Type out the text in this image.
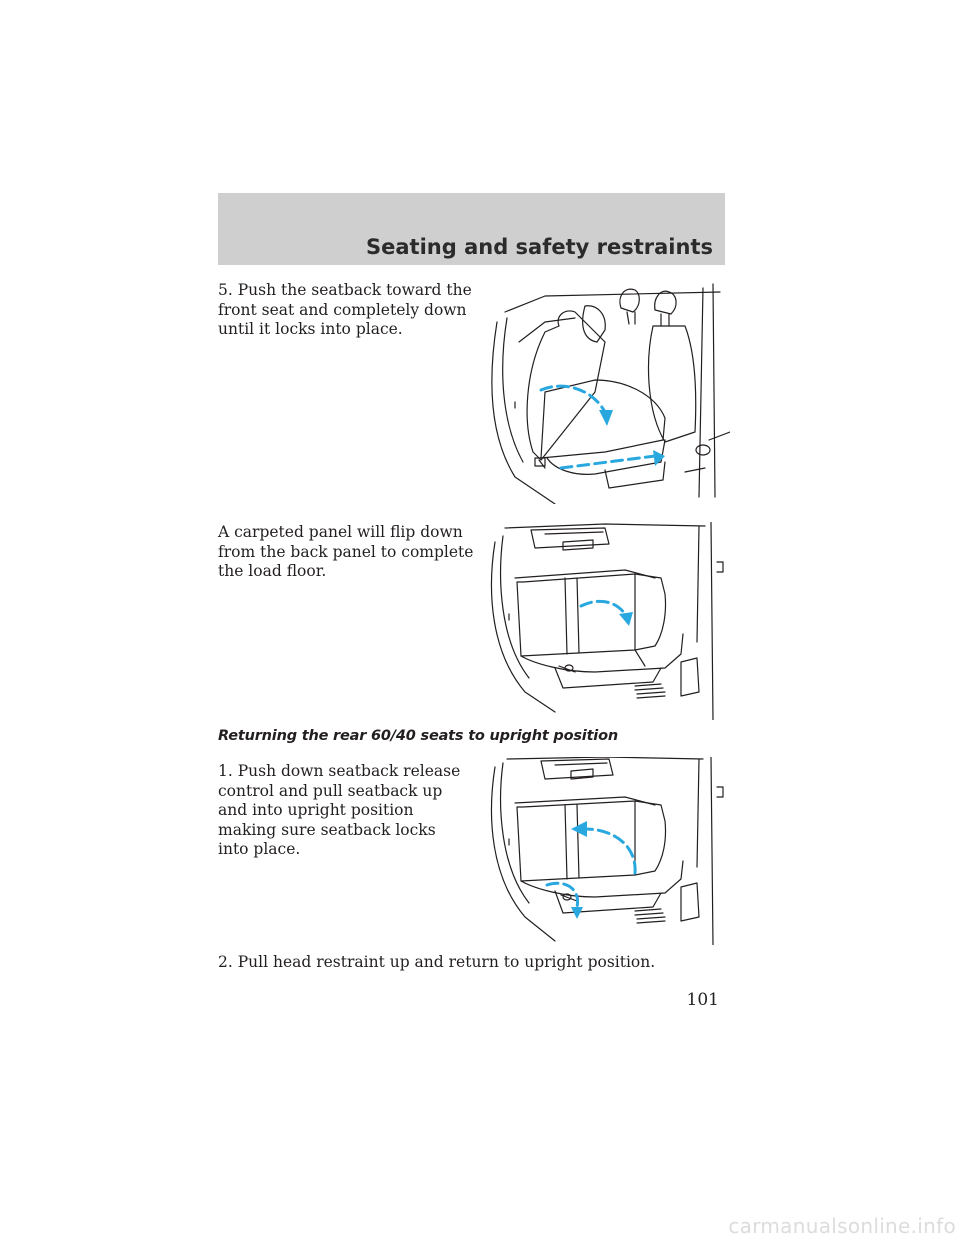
Seating and safety restraints

5. Push the seatback toward the front seat and completely down until it locks into place.

A carpeted panel will flip down from the back panel to complete the load floor.

Returning the rear 60/40 seats to upright position

1. Push down seatback release control and pull seatback up and into upright position making sure seatback locks into place.

2. Pull head restraint up and return to upright position.

101

carmanualsonline.info
